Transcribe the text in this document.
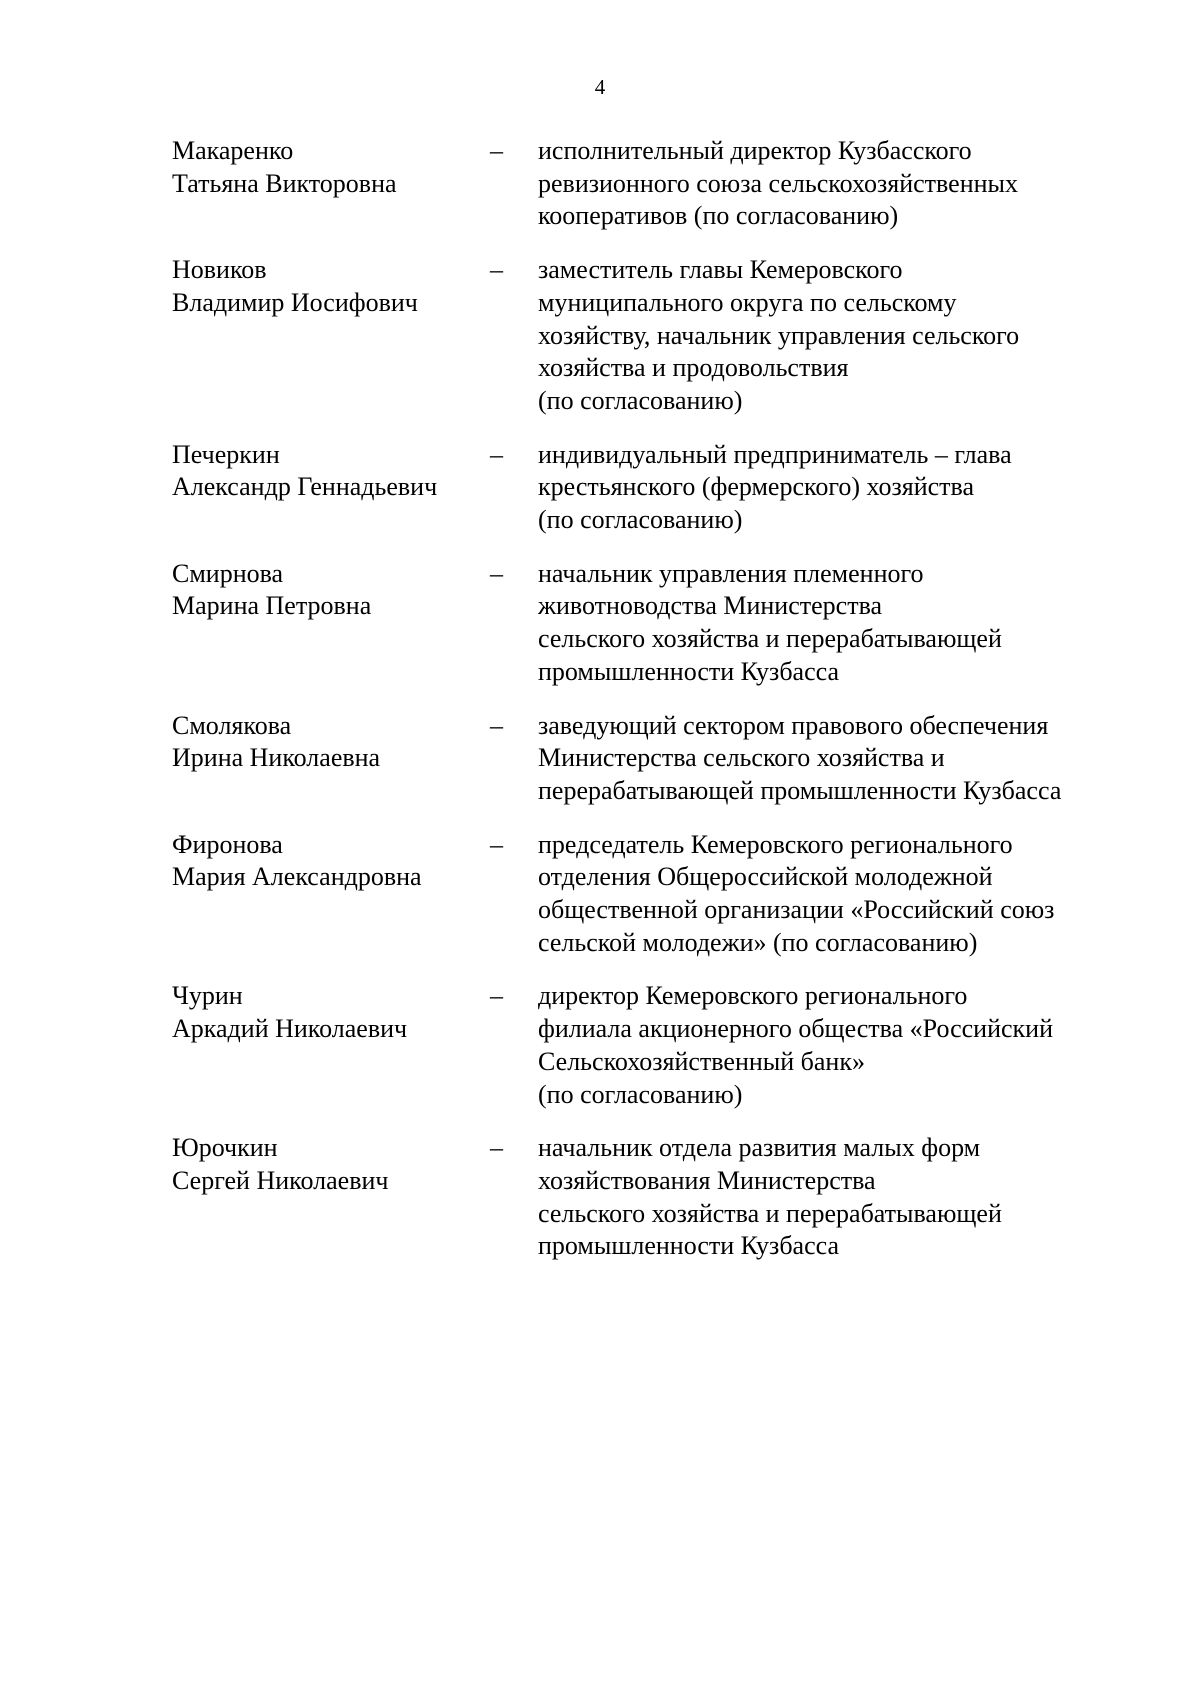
4
Макаренко
Татьяна Викторовна
–	исполнительный директор Кузбасского
ревизионного союза сельскохозяйственных
кооперативов (по согласованию)
Новиков
Владимир Иосифович
–	заместитель главы Кемеровского
муниципального округа по сельскому
хозяйству, начальник управления сельского
хозяйства и продовольствия
(по согласованию)
Печеркин
Александр Геннадьевич
–	индивидуальный предприниматель – глава
крестьянского (фермерского) хозяйства
(по согласованию)
Смирнова
Марина Петровна
–	начальник управления племенного
животноводства Министерства
сельского хозяйства и перерабатывающей
промышленности Кузбасса
Смолякова
Ирина Николаевна
–	заведующий сектором правового обеспечения
Министерства сельского хозяйства и
перерабатывающей промышленности Кузбасса
Фиронова
Мария Александровна
–	председатель Кемеровского регионального
отделения Общероссийской молодежной
общественной организации «Российский союз
сельской молодежи» (по согласованию)
Чурин
Аркадий Николаевич
–	директор Кемеровского регионального
филиала акционерного общества «Российский
Сельскохозяйственный банк»
(по согласованию)
Юрочкин
Сергей Николаевич
–	начальник отдела развития малых форм
хозяйствования Министерства
сельского хозяйства и перерабатывающей
промышленности Кузбасса
